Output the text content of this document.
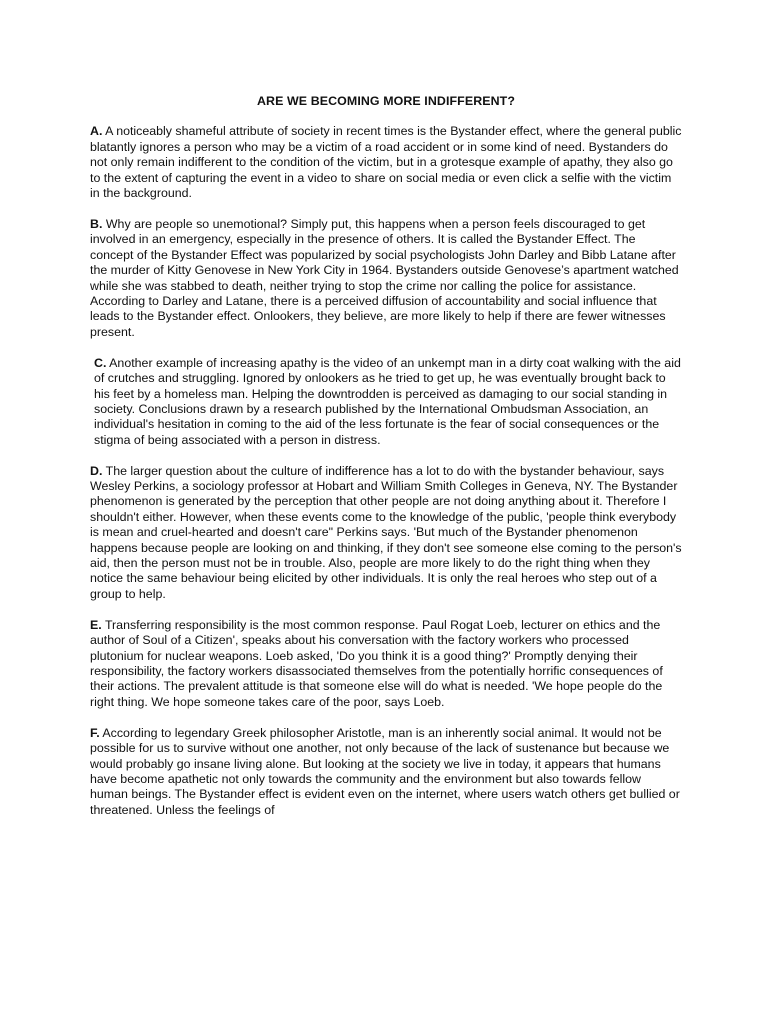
ARE WE BECOMING MORE INDIFFERENT?

A. A noticeably shameful attribute of society in recent times is the Bystander effect, where the general public blatantly ignores a person who may be a victim of a road accident or in some kind of need. Bystanders do not only remain indifferent to the condition of the victim, but in a grotesque example of apathy, they also go to the extent of capturing the event in a video to share on social media or even click a selfie with the victim in the background.

B. Why are people so unemotional? Simply put, this happens when a person feels discouraged to get involved in an emergency, especially in the presence of others. It is called the Bystander Effect. The concept of the Bystander Effect was popularized by social psychologists John Darley and Bibb Latane after the murder of Kitty Genovese in New York City in 1964. Bystanders outside Genovese’s apartment watched while she was stabbed to death, neither trying to stop the crime nor calling the police for assistance. According to Darley and Latane, there is a perceived diffusion of accountability and social influence that leads to the Bystander effect. Onlookers, they believe, are more likely to help if there are fewer witnesses present.

C. Another example of increasing apathy is the video of an unkempt man in a dirty coat walking with the aid of crutches and struggling. Ignored by onlookers as he tried to get up, he was eventually brought back to his feet by a homeless man. Helping the downtrodden is perceived as damaging to our social standing in society. Conclusions drawn by a research published by the International Ombudsman Association, an individual's hesitation in coming to the aid of the less fortunate is the fear of social consequences or the stigma of being associated with a person in distress.

D. The larger question about the culture of indifference has a lot to do with the bystander behaviour, says Wesley Perkins, a sociology professor at Hobart and William Smith Colleges in Geneva, NY. The Bystander phenomenon is generated by the perception that other people are not doing anything about it. Therefore I shouldn't either. However, when these events come to the knowledge of the public, 'people think everybody is mean and cruel-hearted and doesn't care" Perkins says. 'But much of the Bystander phenomenon happens because people are looking on and thinking, if they don't see someone else coming to the person's aid, then the person must not be in trouble. Also, people are more likely to do the right thing when they notice the same behaviour being elicited by other individuals. It is only the real heroes who step out of a group to help.

E. Transferring responsibility is the most common response. Paul Rogat Loeb, lecturer on ethics and the author of Soul of a Citizen', speaks about his conversation with the factory workers who processed plutonium for nuclear weapons. Loeb asked, 'Do you think it is a good thing?' Promptly denying their responsibility, the factory workers disassociated themselves from the potentially horrific consequences of their actions. The prevalent attitude is that someone else will do what is needed. 'We hope people do the right thing. We hope someone takes care of the poor, says Loeb.

F. According to legendary Greek philosopher Aristotle, man is an inherently social animal. It would not be possible for us to survive without one another, not only because of the lack of sustenance but because we would probably go insane living alone. But looking at the society we live in today, it appears that humans have become apathetic not only towards the community and the environment but also towards fellow human beings. The Bystander effect is evident even on the internet, where users watch others get bullied or threatened. Unless the feelings of
